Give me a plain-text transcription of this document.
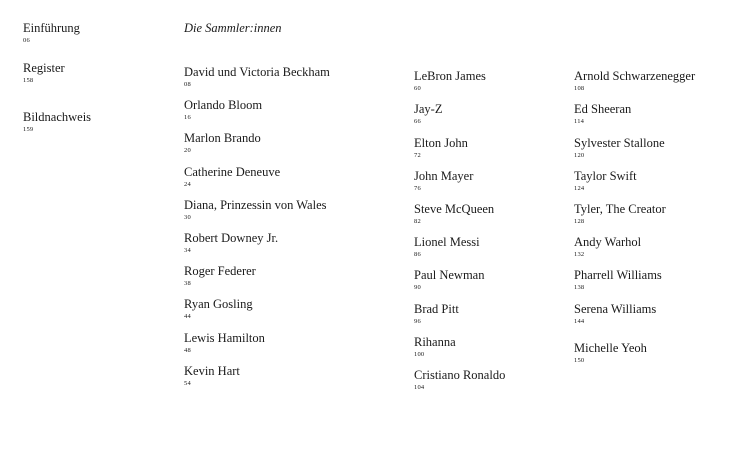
Einführung
06
Register
158
Bildnachweis
159
Die Sammler:innen
David und Victoria Beckham
08
Orlando Bloom
16
Marlon Brando
20
Catherine Deneuve
24
Diana, Prinzessin von Wales
30
Robert Downey Jr.
34
Roger Federer
38
Ryan Gosling
44
Lewis Hamilton
48
Kevin Hart
54
LeBron James
60
Jay-Z
66
Elton John
72
John Mayer
76
Steve McQueen
82
Lionel Messi
86
Paul Newman
90
Brad Pitt
96
Rihanna
100
Cristiano Ronaldo
104
Arnold Schwarzenegger
108
Ed Sheeran
114
Sylvester Stallone
120
Taylor Swift
124
Tyler, The Creator
128
Andy Warhol
132
Pharrell Williams
138
Serena Williams
144
Michelle Yeoh
150
